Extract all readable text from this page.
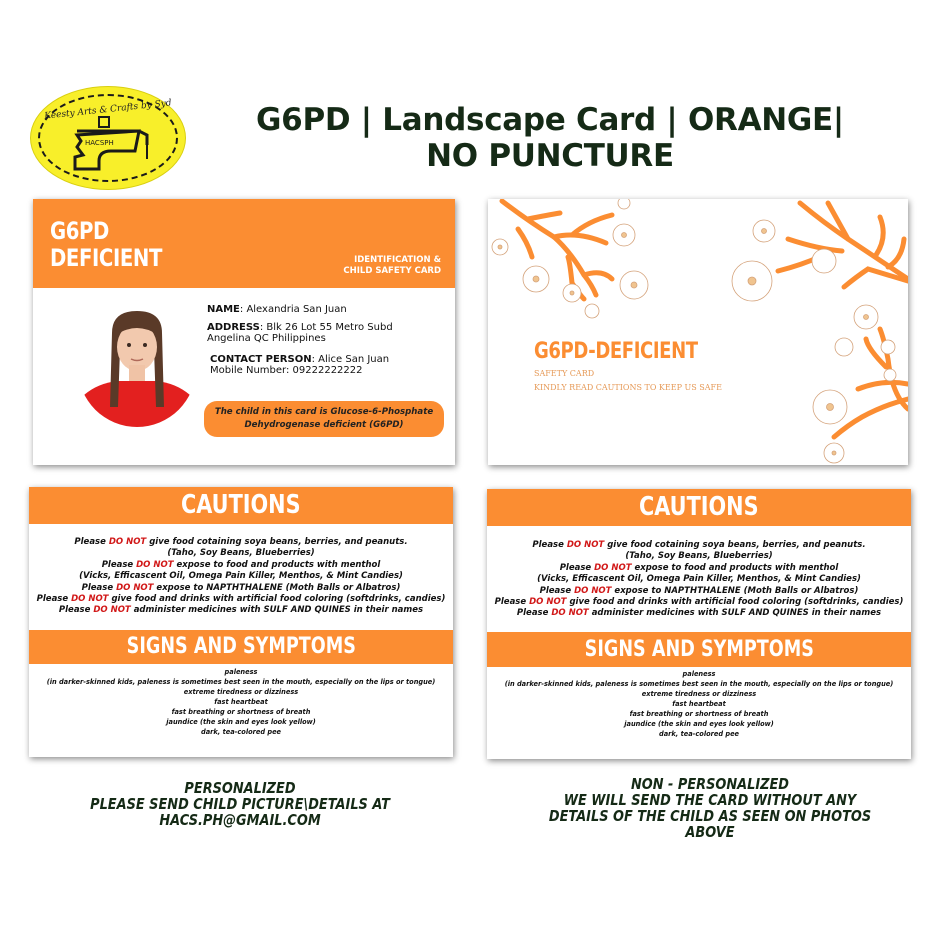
Keesty Arts & Crafts by Syd
HACSPH
G6PD | Landscape Card | ORANGE|
NO PUNCTURE
G6PD
DEFICIENT	IDENTIFICATION &
CHILD SAFETY CARD
NAME: Alexandria San Juan
ADDRESS: Blk 26 Lot 55 Metro Subd
Angelina QC Philippines
CONTACT PERSON: Alice San Juan
Mobile Number: 09222222222
The child in this card is Glucose-6-Phosphate
Dehydrogenase deficient (G6PD)
G6PD-DEFICIENT
SAFETY CARD
KINDLY READ CAUTIONS TO KEEP US SAFE
CAUTIONS
Please DO NOT give food cotaining soya beans, berries, and peanuts.
(Taho, Soy Beans, Blueberries)
Please DO NOT expose to food and products with menthol
(Vicks, Efficascent Oil, Omega Pain Killer, Menthos, & Mint Candies)
Please DO NOT expose to NAPTHTHALENE (Moth Balls or Albatros)
Please DO NOT give food and drinks with artificial food coloring (softdrinks, candies)
Please DO NOT administer medicines with SULF AND QUINES in their names
SIGNS AND SYMPTOMS
paleness
(in darker-skinned kids, paleness is sometimes best seen in the mouth, especially on the lips or tongue)
extreme tiredness or dizziness
fast heartbeat
fast breathing or shortness of breath
jaundice (the skin and eyes look yellow)
dark, tea-colored pee
CAUTIONS
Please DO NOT give food cotaining soya beans, berries, and peanuts.
(Taho, Soy Beans, Blueberries)
Please DO NOT expose to food and products with menthol
(Vicks, Efficascent Oil, Omega Pain Killer, Menthos, & Mint Candies)
Please DO NOT expose to NAPTHTHALENE (Moth Balls or Albatros)
Please DO NOT give food and drinks with artificial food coloring (softdrinks, candies)
Please DO NOT administer medicines with SULF AND QUINES in their names
SIGNS AND SYMPTOMS
paleness
(in darker-skinned kids, paleness is sometimes best seen in the mouth, especially on the lips or tongue)
extreme tiredness or dizziness
fast heartbeat
fast breathing or shortness of breath
jaundice (the skin and eyes look yellow)
dark, tea-colored pee
PERSONALIZED
PLEASE SEND CHILD PICTURE\DETAILS AT
HACS.PH@GMAIL.COM
NON - PERSONALIZED
WE WILL SEND THE CARD WITHOUT ANY
DETAILS OF THE CHILD AS SEEN ON PHOTOS
ABOVE
